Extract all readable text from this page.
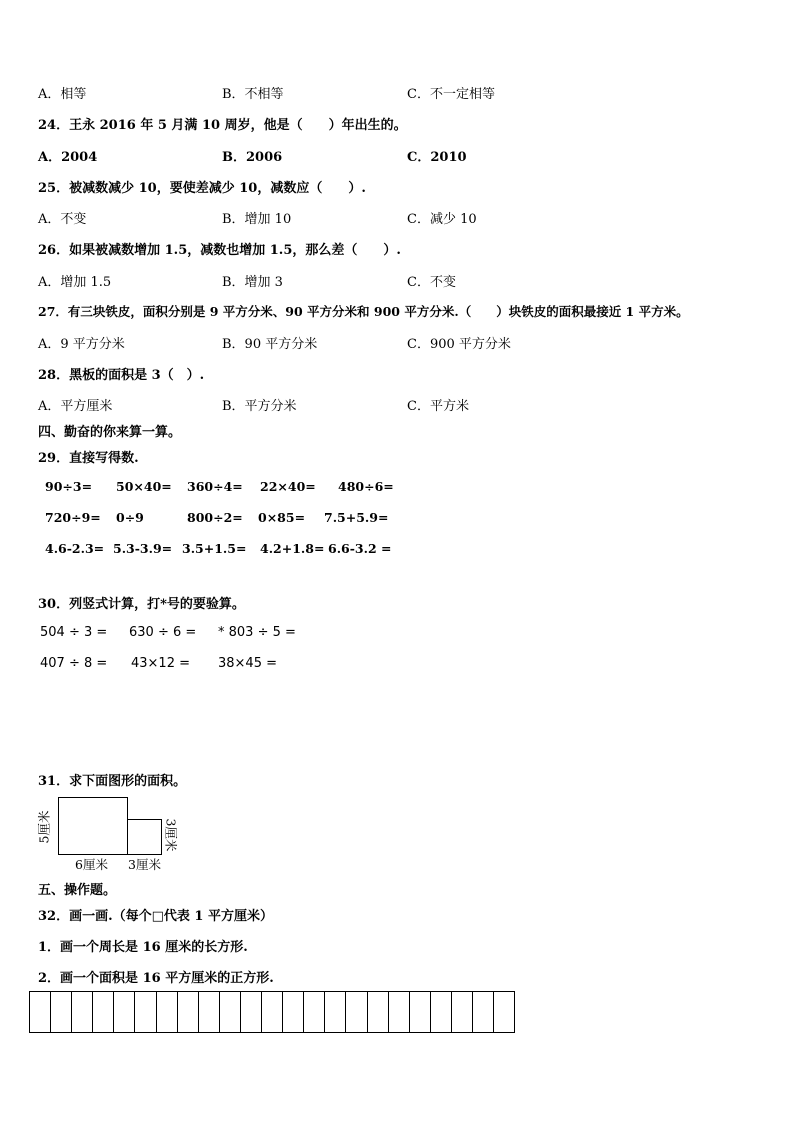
A．相等	B．不相等	C．不一定相等
24．王永 2016 年 5 月满 10 周岁，他是（　　）年出生的。
A．2004	B．2006	C．2010
25．被减数减少 10，要使差减少 10，减数应（　　）.
A．不变	B．增加 10	C．减少 10
26．如果被减数增加 1.5，减数也增加 1.5，那么差（　　）.
A．增加 1.5	B．增加 3	C．不变
27．有三块铁皮，面积分别是 9 平方分米、90 平方分米和 900 平方分米.（　　）块铁皮的面积最接近 1 平方米。
A．9 平方分米	B．90 平方分米	C．900 平方分米
28．黑板的面积是 3（　）.
A．平方厘米	B．平方分米	C．平方米
四、勤奋的你来算一算。
29．直接写得数.
90÷3= 50×40= 360÷4= 22×40= 480÷6=
720÷9= 0÷9	800÷2= 0×85= 7.5+5.9=
4.6-2.3= 5.3-3.9= 3.5+1.5= 4.2+1.8= 6.6-3.2 =
30．列竖式计算，打*号的要验算。
504 ÷ 3 = 630 ÷ 6 = * 803 ÷ 5 =
407 ÷ 8 = 43×12 = 38×45 =
31．求下面图形的面积。
5厘米	3厘米
6厘米 3厘米
五、操作题。
32．画一画.（每个□代表 1 平方厘米）
1．画一个周长是 16 厘米的长方形.
2．画一个面积是 16 平方厘米的正方形.
